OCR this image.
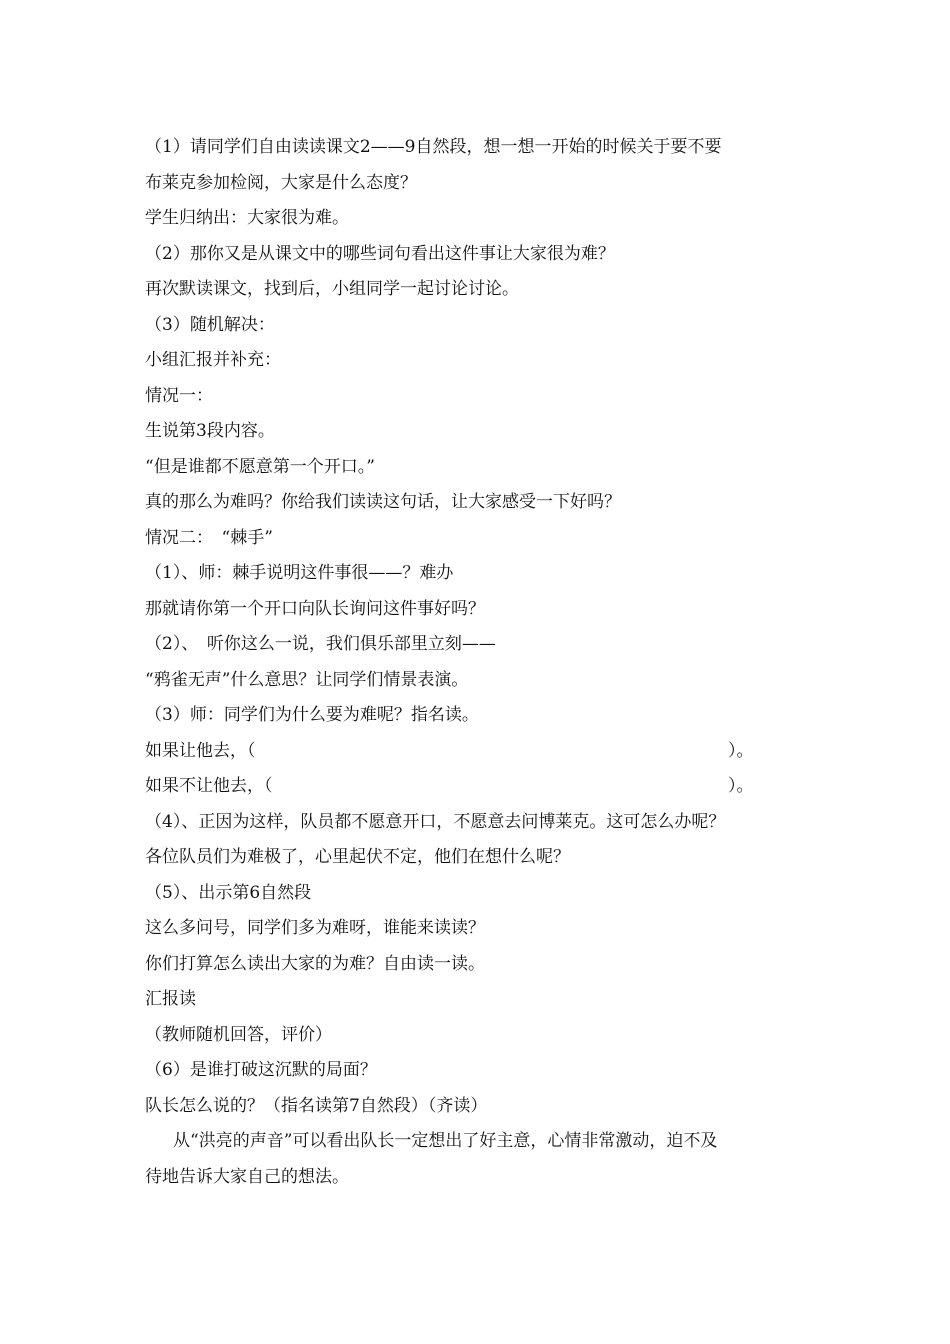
（1）请同学们自由读读课文2——9自然段，想一想一开始的时候关于要不要
布莱克参加检阅，大家是什么态度？
学生归纳出：大家很为难。
（2）那你又是从课文中的哪些词句看出这件事让大家很为难？
再次默读课文，找到后，小组同学一起讨论讨论。
（3）随机解决：
小组汇报并补充：
情况一：
生说第3段内容。
“但是谁都不愿意第一个开口。”
真的那么为难吗？你给我们读读这句话，让大家感受一下好吗？
情况二：　“棘手”
（1）、师：棘手说明这件事很——？难办
那就请你第一个开口向队长询问这件事好吗？
（2）、　听你这么一说，我们俱乐部里立刻——
“鸦雀无声”什么意思？让同学们情景表演。
（3）师：同学们为什么要为难呢？指名读。
如果让他去，（	）。
如果不让他去，（	）。
（4）、正因为这样，队员都不愿意开口，不愿意去问博莱克。这可怎么办呢？
各位队员们为难极了，心里起伏不定，他们在想什么呢？
（5）、出示第6自然段
这么多问号，同学们多为难呀，谁能来读读？
你们打算怎么读出大家的为难？自由读一读。
汇报读
（教师随机回答，评价）
（6）是谁打破这沉默的局面？
队长怎么说的？（指名读第7自然段）（齐读）
从“洪亮的声音”可以看出队长一定想出了好主意，心情非常激动，迫不及
待地告诉大家自己的想法。
